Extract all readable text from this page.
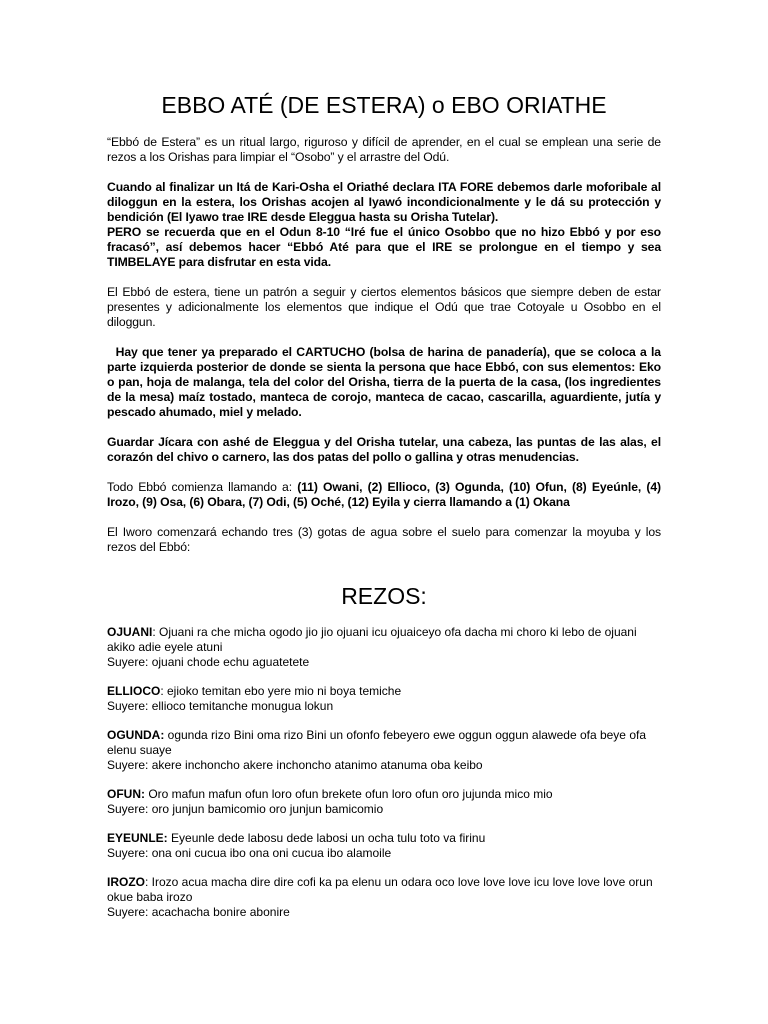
EBBO ATÉ (DE ESTERA) o EBO ORIATHE

“Ebbó de Estera” es un ritual largo, riguroso y difícil de aprender, en el cual se emplean una serie de rezos a los Orishas para limpiar el “Osobo” y el arrastre del Odú.

Cuando al finalizar un Itá de Kari-Osha el Oriathé declara ITA FORE debemos darle moforibale al diloggun en la estera, los Orishas acojen al Iyawó incondicionalmente y le dá su protección y bendición (El Iyawo trae IRE desde Eleggua hasta su Orisha Tutelar).

PERO se recuerda que en el Odun 8-10 “Iré fue el único Osobbo que no hizo Ebbó y por eso fracasó”, así debemos hacer “Ebbó Até para que el IRE se prolongue en el tiempo y sea TIMBELAYE para disfrutar en esta vida.

El Ebbó de estera, tiene un patrón a seguir y ciertos elementos básicos que siempre deben de estar presentes y adicionalmente los elementos que indique el Odú que trae Cotoyale u Osobbo en el diloggun.

Hay que tener ya preparado el CARTUCHO (bolsa de harina de panadería), que se coloca a la parte izquierda posterior de donde se sienta la persona que hace Ebbó, con sus elementos: Eko o pan, hoja de malanga, tela del color del Orisha, tierra de la puerta de la casa, (los ingredientes de la mesa) maíz tostado, manteca de corojo, manteca de cacao, cascarilla, aguardiente, jutía y pescado ahumado, miel y melado.

Guardar Jícara con ashé de Eleggua y del Orisha tutelar, una cabeza, las puntas de las alas, el corazón del chivo o carnero, las dos patas del pollo o gallina y otras menudencias.

Todo Ebbó comienza llamando a: (11) Owani, (2) Ellioco, (3) Ogunda, (10) Ofun, (8) Eyeúnle, (4) Irozo, (9) Osa, (6) Obara, (7) Odi, (5) Oché, (12) Eyila y cierra llamando a (1) Okana

El Iworo comenzará echando tres (3) gotas de agua sobre el suelo para comenzar la moyuba y los rezos del Ebbó:

REZOS:

OJUANI: Ojuani ra che micha ogodo jio jio ojuani icu ojuaiceyo ofa dacha mi choro ki lebo de ojuani akiko adie eyele atuni

Suyere: ojuani chode echu aguatetete

ELLIOCO: ejioko temitan ebo yere mio ni boya temiche

Suyere: ellioco temitanche monugua lokun

OGUNDA: ogunda rizo Bini oma rizo Bini un ofonfo febeyero ewe oggun oggun alawede ofa beye ofa elenu suaye

Suyere: akere inchoncho akere inchoncho atanimo atanuma oba keibo

OFUN: Oro mafun mafun ofun loro ofun brekete ofun loro ofun oro jujunda mico mio

Suyere: oro junjun bamicomio oro junjun bamicomio

EYEUNLE: Eyeunle dede labosu dede labosi un ocha tulu toto va firinu

Suyere: ona oni cucua ibo ona oni cucua ibo alamoile

IROZO: Irozo acua macha dire dire cofi ka pa elenu un odara oco love love love icu love love love orun okue baba irozo

Suyere: acachacha bonire abonire
